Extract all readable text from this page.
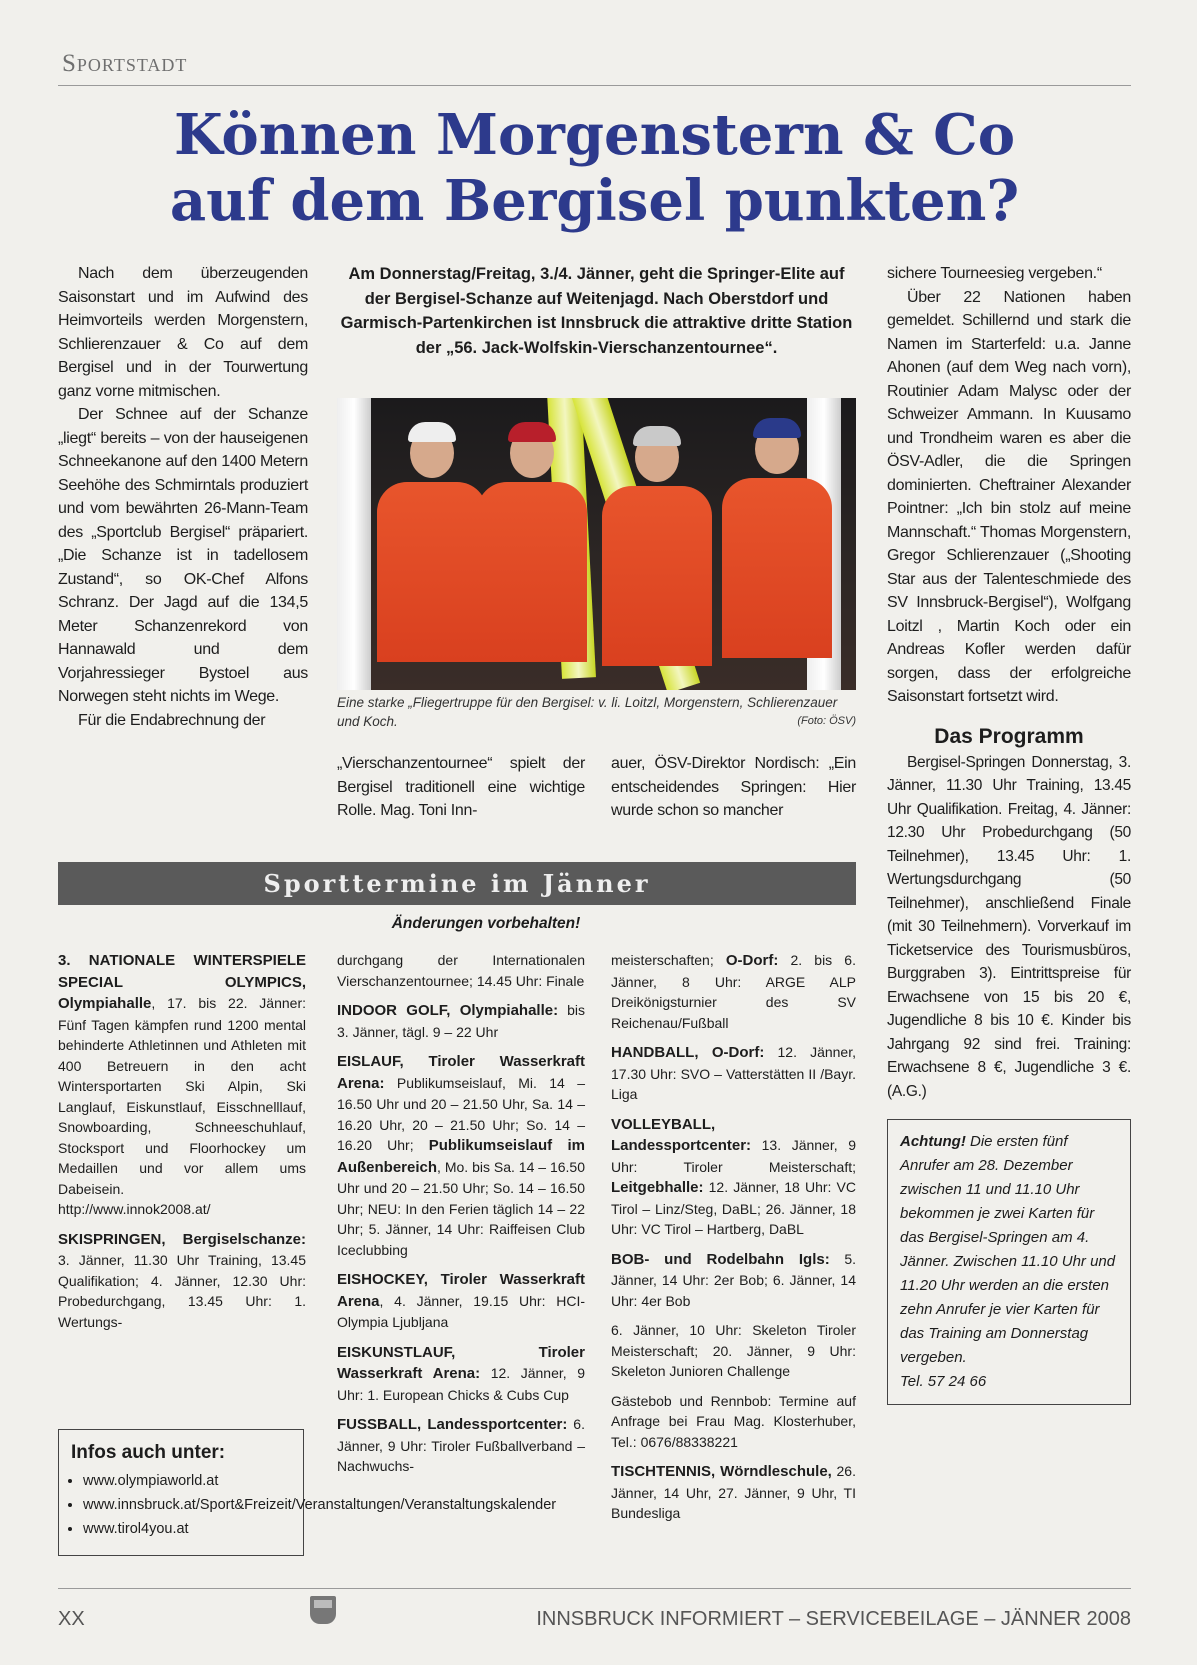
Sportstadt
Können Morgenstern & Co
auf dem Bergisel punkten?

Nach dem überzeugenden Saisonstart und im Aufwind des Heimvorteils werden Morgenstern, Schlierenzauer & Co auf dem Bergisel und in der Tourwertung ganz vorne mitmischen.

Der Schnee auf der Schanze „liegt“ bereits – von der hauseigenen Schneekanone auf den 1400 Metern Seehöhe des Schmirntals produziert und vom bewährten 26-Mann-Team des „Sportclub Bergisel“ präpariert. „Die Schanze ist in tadellosem Zustand“, so OK-Chef Alfons Schranz. Der Jagd auf die 134,5 Meter Schanzenrekord von Hannawald und dem Vorjahressieger Bystoel aus Norwegen steht nichts im Wege.

Für die Endabrechnung der

Am Donnerstag/Freitag, 3./4. Jänner, geht die Springer-Elite auf der Bergisel-Schanze auf Weitenjagd. Nach Oberstdorf und Garmisch-Partenkirchen ist Innsbruck die attraktive dritte Station der „56. Jack-Wolfskin-Vierschanzentournee“.
Eine starke „Fliegertruppe für den Bergisel: v. li. Loitzl, Morgenstern, Schlierenzauer und Koch.	(Foto: ÖSV)

„Vierschanzentournee“ spielt der Bergisel traditionell eine wichtige Rolle. Mag. Toni Inn-

auer, ÖSV-Direktor Nordisch: „Ein entscheidendes Springen: Hier wurde schon so mancher

sichere Tourneesieg vergeben.“

Über 22 Nationen haben gemeldet. Schillernd und stark die Namen im Starterfeld: u.a. Janne Ahonen (auf dem Weg nach vorn), Routinier Adam Malysc oder der Schweizer Ammann. In Kuusamo und Trondheim waren es aber die ÖSV-Adler, die die Springen dominierten. Cheftrainer Alexander Pointner: „Ich bin stolz auf meine Mannschaft.“ Thomas Morgenstern, Gregor Schlierenzauer („Shooting Star aus der Talenteschmiede des SV Innsbruck-Bergisel“), Wolfgang Loitzl , Martin Koch oder ein Andreas Kofler werden dafür sorgen, dass der erfolgreiche Saisonstart fortsetzt wird.

Das Programm

Bergisel-Springen Donnerstag, 3. Jänner, 11.30 Uhr Training, 13.45 Uhr Qualifikation. Freitag, 4. Jänner: 12.30 Uhr Probedurchgang (50 Teilnehmer), 13.45 Uhr: 1. Wertungsdurchgang (50 Teilnehmer), anschließend Finale (mit 30 Teilnehmern). Vorverkauf im Ticketservice des Tourismusbüros, Burggraben 3). Eintrittspreise für Erwachsene von 15 bis 20 €, Jugendliche 8 bis 10 €. Kinder bis Jahrgang 92 sind frei. Training: Erwachsene 8 €, Jugendliche 3 €. (A.G.)

Achtung! Die ersten fünf Anrufer am 28. Dezember zwischen 11 und 11.10 Uhr bekommen je zwei Karten für das Bergisel-Springen am 4. Jänner. Zwischen 11.10 Uhr und 11.20 Uhr werden an die ersten zehn Anrufer je vier Karten für das Training am Donnerstag vergeben.
Tel. 57 24 66
Sporttermine im Jänner
Änderungen vorbehalten!

3. NATIONALE WINTERSPIELE SPECIAL OLYMPICS, Olympiahalle, 17. bis 22. Jänner: Fünf Tagen kämpfen rund 1200 mental behinderte Athletinnen und Athleten mit 400 Betreuern in den acht Wintersportarten Ski Alpin, Ski Langlauf, Eiskunstlauf, Eisschnelllauf, Snowboarding, Schneeschuhlauf, Stocksport und Floorhockey um Medaillen und vor allem ums Dabeisein.

http://www.innok2008.at/

SKISPRINGEN, Bergiselschanze: 3. Jänner, 11.30 Uhr Training, 13.45 Qualifikation; 4. Jänner, 12.30 Uhr: Probedurchgang, 13.45 Uhr: 1. Wertungs-

Infos auch unter:
• www.olympiaworld.at
• www.innsbruck.at/Sport&Freizeit/Veranstaltungen/Veranstaltungskalender
• www.tirol4you.at

durchgang der Internationalen Vierschanzentournee; 14.45 Uhr: Finale

INDOOR GOLF, Olympiahalle: bis 3. Jänner, tägl. 9 – 22 Uhr

EISLAUF, Tiroler Wasserkraft Arena: Publikumseislauf, Mi. 14 – 16.50 Uhr und 20 – 21.50 Uhr, Sa. 14 – 16.20 Uhr, 20 – 21.50 Uhr; So. 14 – 16.20 Uhr; Publikumseislauf im Außenbereich, Mo. bis Sa. 14 – 16.50 Uhr und 20 – 21.50 Uhr; So. 14 – 16.50 Uhr; NEU: In den Ferien täglich 14 – 22 Uhr; 5. Jänner, 14 Uhr: Raiffeisen Club Iceclubbing

EISHOCKEY, Tiroler Wasserkraft Arena, 4. Jänner, 19.15 Uhr: HCI-Olympia Ljubljana

EISKUNSTLAUF, Tiroler Wasserkraft Arena: 12. Jänner, 9 Uhr: 1. European Chicks & Cubs Cup

FUSSBALL, Landessportcenter: 6. Jänner, 9 Uhr: Tiroler Fußballverband – Nachwuchs-

meisterschaften; O-Dorf: 2. bis 6. Jänner, 8 Uhr: ARGE ALP Dreikönigsturnier des SV Reichenau/Fußball

HANDBALL, O-Dorf: 12. Jänner, 17.30 Uhr: SVO – Vatterstätten II /Bayr. Liga

VOLLEYBALL, Landessportcenter: 13. Jänner, 9 Uhr: Tiroler Meisterschaft; Leitgebhalle: 12. Jänner, 18 Uhr: VC Tirol – Linz/Steg, DaBL; 26. Jänner, 18 Uhr: VC Tirol – Hartberg, DaBL

BOB- und Rodelbahn Igls: 5. Jänner, 14 Uhr: 2er Bob; 6. Jänner, 14 Uhr: 4er Bob

6. Jänner, 10 Uhr: Skeleton Tiroler Meisterschaft; 20. Jänner, 9 Uhr: Skeleton Junioren Challenge

Gästebob und Rennbob: Termine auf Anfrage bei Frau Mag. Klosterhuber, Tel.: 0676/88338221

TISCHTENNIS, Wörndleschule, 26. Jänner, 14 Uhr, 27. Jänner, 9 Uhr, TI Bundesliga

XX	INNSBRUCK INFORMIERT – SERVICEBEILAGE – JÄNNER 2008
